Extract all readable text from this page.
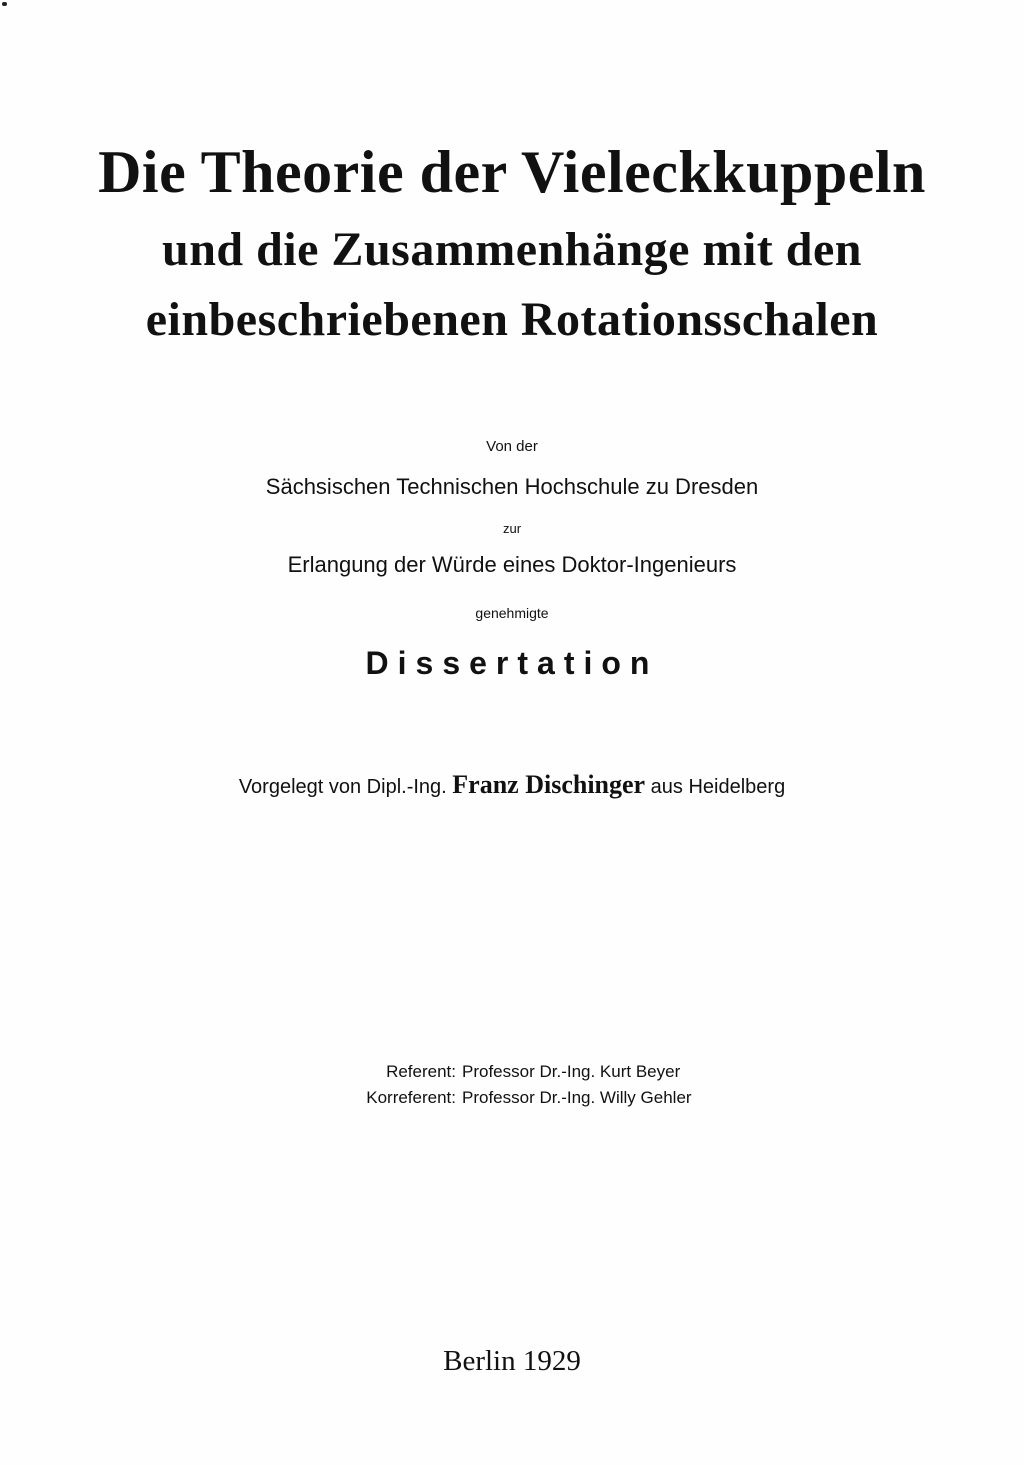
Die Theorie der Vieleckkuppeln
und die Zusammenhänge mit den
einbeschriebenen Rotationsschalen
Von der
Sächsischen Technischen Hochschule zu Dresden
zur
Erlangung der Würde eines Doktor-Ingenieurs
genehmigte
Dissertation
Vorgelegt von Dipl.-Ing. Franz Dischinger aus Heidelberg
Referent: Professor Dr.-Ing. Kurt Beyer
Korreferent: Professor Dr.-Ing. Willy Gehler
Berlin 1929
